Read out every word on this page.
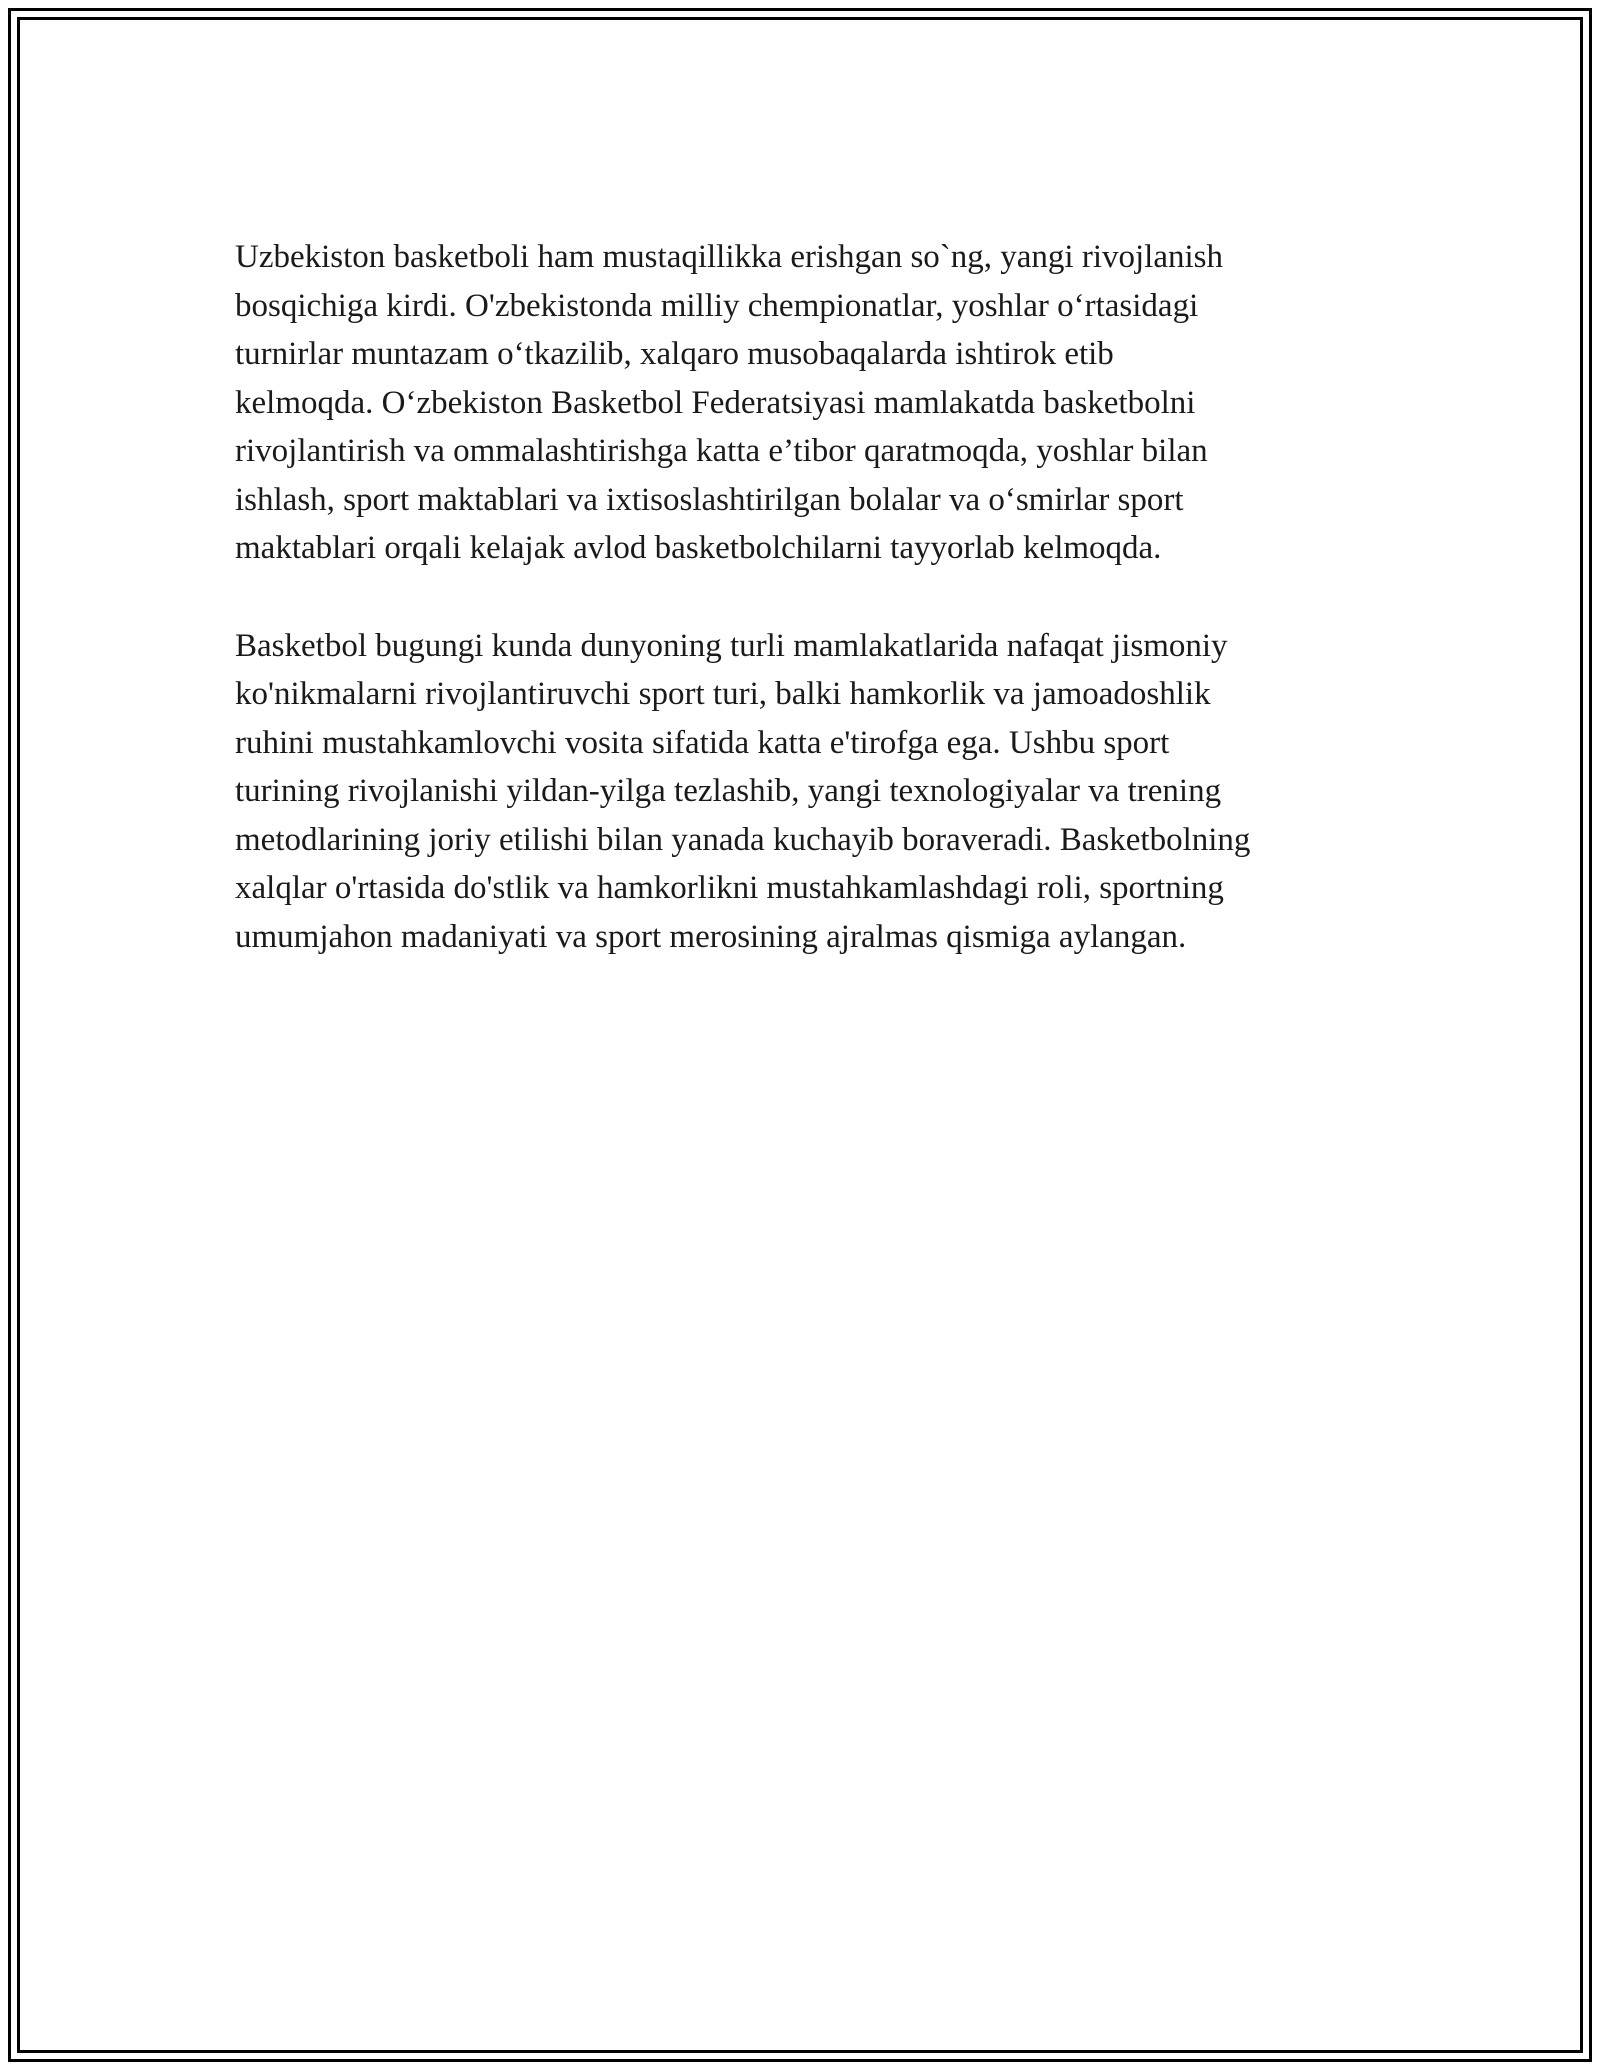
Uzbekiston basketboli ham mustaqillikka erishgan so`ng, yangi rivojlanish
bosqichiga kirdi. O'zbekistonda milliy chempionatlar, yoshlar o‘rtasidagi
turnirlar muntazam o‘tkazilib, xalqaro musobaqalarda ishtirok etib
kelmoqda. O‘zbekiston Basketbol Federatsiyasi mamlakatda basketbolni
rivojlantirish va ommalashtirishga katta e’tibor qaratmoqda, yoshlar bilan
ishlash, sport maktablari va ixtisoslashtirilgan bolalar va o‘smirlar sport
maktablari orqali kelajak avlod basketbolchilarni tayyorlab kelmoqda.

Basketbol bugungi kunda dunyoning turli mamlakatlarida nafaqat jismoniy
ko'nikmalarni rivojlantiruvchi sport turi, balki hamkorlik va jamoadoshlik
ruhini mustahkamlovchi vosita sifatida katta e'tirofga ega. Ushbu sport
turining rivojlanishi yildan-yilga tezlashib, yangi texnologiyalar va trening
metodlarining joriy etilishi bilan yanada kuchayib boraveradi. Basketbolning
xalqlar o'rtasida do'stlik va hamkorlikni mustahkamlashdagi roli, sportning
umumjahon madaniyati va sport merosining ajralmas qismiga aylangan.
